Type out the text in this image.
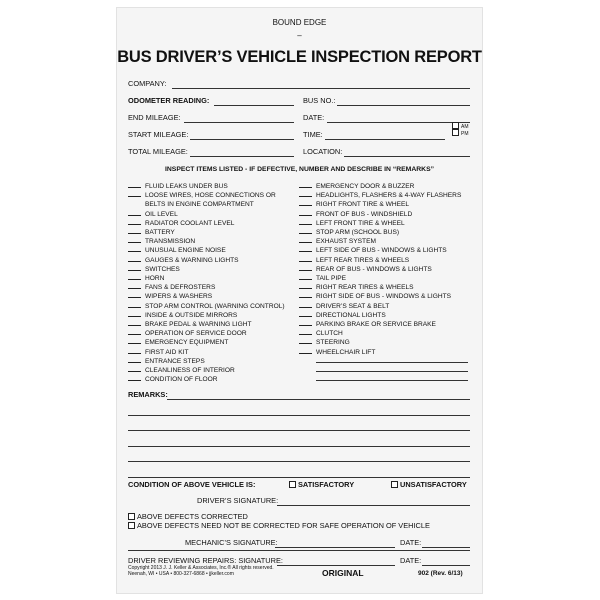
BOUND EDGE
–
BUS DRIVER’S VEHICLE INSPECTION REPORT
COMPANY:
ODOMETER READING:	BUS NO.:
END MILEAGE:	DATE:
START MILEAGE:	TIME:
AM
PM
TOTAL MILEAGE:	LOCATION:
INSPECT ITEMS LISTED - IF DEFECTIVE, NUMBER AND DESCRIBE IN “REMARKS”
FLUID LEAKS UNDER BUS
LOOSE WIRES, HOSE CONNECTIONS OR
BELTS IN ENGINE COMPARTMENT
OIL LEVEL
RADIATOR COOLANT LEVEL
BATTERY
TRANSMISSION
UNUSUAL ENGINE NOISE
GAUGES & WARNING LIGHTS
SWITCHES
HORN
FANS & DEFROSTERS
WIPERS & WASHERS
STOP ARM CONTROL (WARNING CONTROL)
INSIDE & OUTSIDE MIRRORS
BRAKE PEDAL & WARNING LIGHT
OPERATION OF SERVICE DOOR
EMERGENCY EQUIPMENT
FIRST AID KIT
ENTRANCE STEPS
CLEANLINESS OF INTERIOR
CONDITION OF FLOOR
EMERGENCY DOOR & BUZZER
HEADLIGHTS, FLASHERS & 4-WAY FLASHERS
RIGHT FRONT TIRE & WHEEL
FRONT OF BUS - WINDSHIELD
LEFT FRONT TIRE & WHEEL
STOP ARM (SCHOOL BUS)
EXHAUST SYSTEM
LEFT SIDE OF BUS - WINDOWS & LIGHTS
LEFT REAR TIRES & WHEELS
REAR OF BUS - WINDOWS & LIGHTS
TAIL PIPE
RIGHT REAR TIRES & WHEELS
RIGHT SIDE OF BUS - WINDOWS & LIGHTS
DRIVER’S SEAT & BELT
DIRECTIONAL LIGHTS
PARKING BRAKE OR SERVICE BRAKE
CLUTCH
STEERING
WHEELCHAIR LIFT
REMARKS:
CONDITION OF ABOVE VEHICLE IS:	SATISFACTORY	UNSATISFACTORY
DRIVER’S SIGNATURE:
ABOVE DEFECTS CORRECTED
ABOVE DEFECTS NEED NOT BE CORRECTED FOR SAFE OPERATION OF VEHICLE
MECHANIC’S SIGNATURE:	DATE:
DRIVER REVIEWING REPAIRS: SIGNATURE:	DATE:
Copyright 2013 J. J. Keller & Associates, Inc.® All rights reserved.
Neenah, WI • USA • 800-327-6868 • jjkeller.com	ORIGINAL	902 (Rev. 6/13)
